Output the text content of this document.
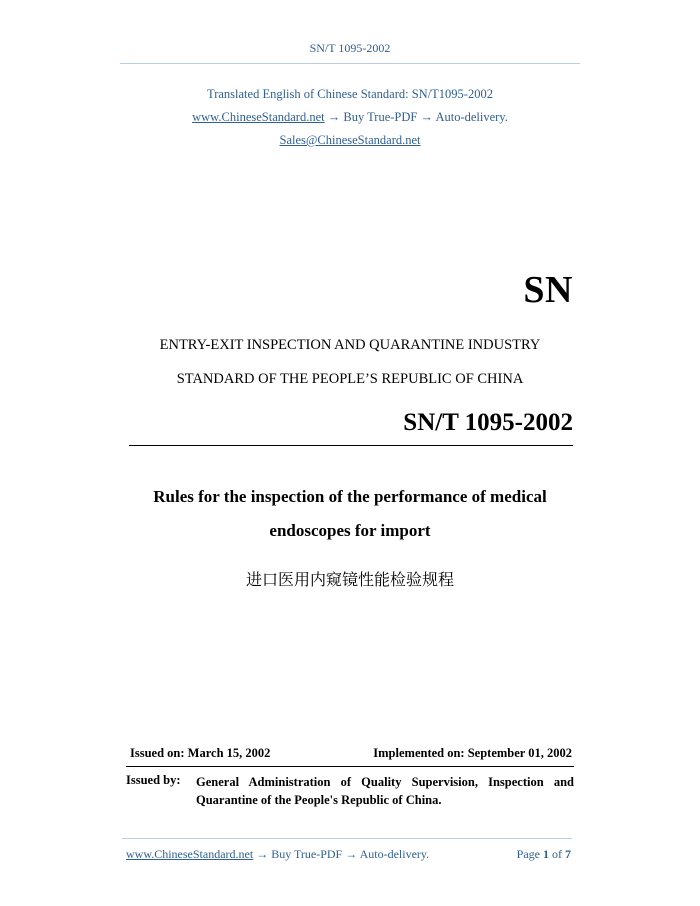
SN/T 1095-2002
Translated English of Chinese Standard: SN/T1095-2002
www.ChineseStandard.net → Buy True-PDF → Auto-delivery.
Sales@ChineseStandard.net
SN
ENTRY-EXIT INSPECTION AND QUARANTINE INDUSTRY
STANDARD OF THE PEOPLE’S REPUBLIC OF CHINA
SN/T 1095-2002
Rules for the inspection of the performance of medical
endoscopes for import
进口医用内窥镜性能检验规程
Issued on: March 15, 2002	Implemented on: September 01, 2002
Issued by: General Administration of Quality Supervision, Inspection and Quarantine of the People's Republic of China.
www.ChineseStandard.net → Buy True-PDF → Auto-delivery.	Page 1 of 7
